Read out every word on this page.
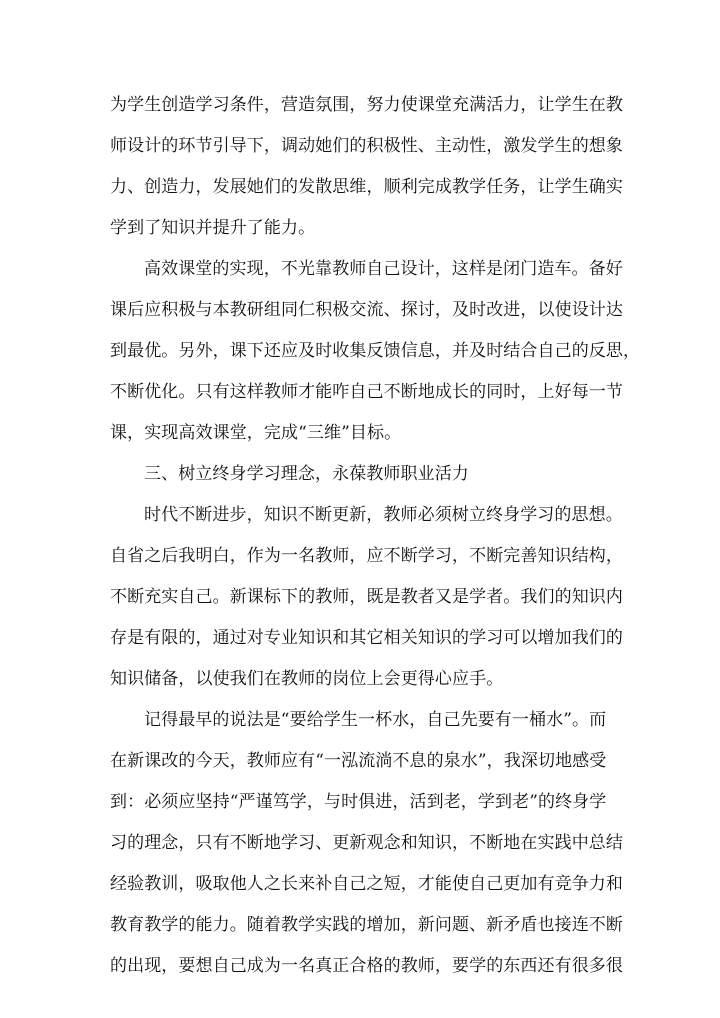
为学生创造学习条件，营造氛围，努力使课堂充满活力，让学生在教
师设计的环节引导下，调动她们的积极性、主动性，激发学生的想象
力、创造力，发展她们的发散思维，顺利完成教学任务，让学生确实
学到了知识并提升了能力。
高效课堂的实现，不光靠教师自己设计，这样是闭门造车。备好
课后应积极与本教研组同仁积极交流、探讨，及时改进，以使设计达
到最优。另外，课下还应及时收集反馈信息，并及时结合自己的反思，
不断优化。只有这样教师才能咋自己不断地成长的同时，上好每一节
课，实现高效课堂，完成“三维”目标。
三、树立终身学习理念，永葆教师职业活力
时代不断进步，知识不断更新，教师必须树立终身学习的思想。
自省之后我明白，作为一名教师，应不断学习，不断完善知识结构，
不断充实自己。新课标下的教师，既是教者又是学者。我们的知识内
存是有限的，通过对专业知识和其它相关知识的学习可以增加我们的
知识储备，以使我们在教师的岗位上会更得心应手。
记得最早的说法是“要给学生一杯水，自己先要有一桶水”。而
在新课改的今天，教师应有“一泓流淌不息的泉水”，我深切地感受
到：必须应坚持“严谨笃学，与时俱进，活到老，学到老”的终身学
习的理念，只有不断地学习、更新观念和知识，不断地在实践中总结
经验教训，吸取他人之长来补自己之短，才能使自己更加有竞争力和
教育教学的能力。随着教学实践的增加，新问题、新矛盾也接连不断
的出现，要想自己成为一名真正合格的教师，要学的东西还有很多很
